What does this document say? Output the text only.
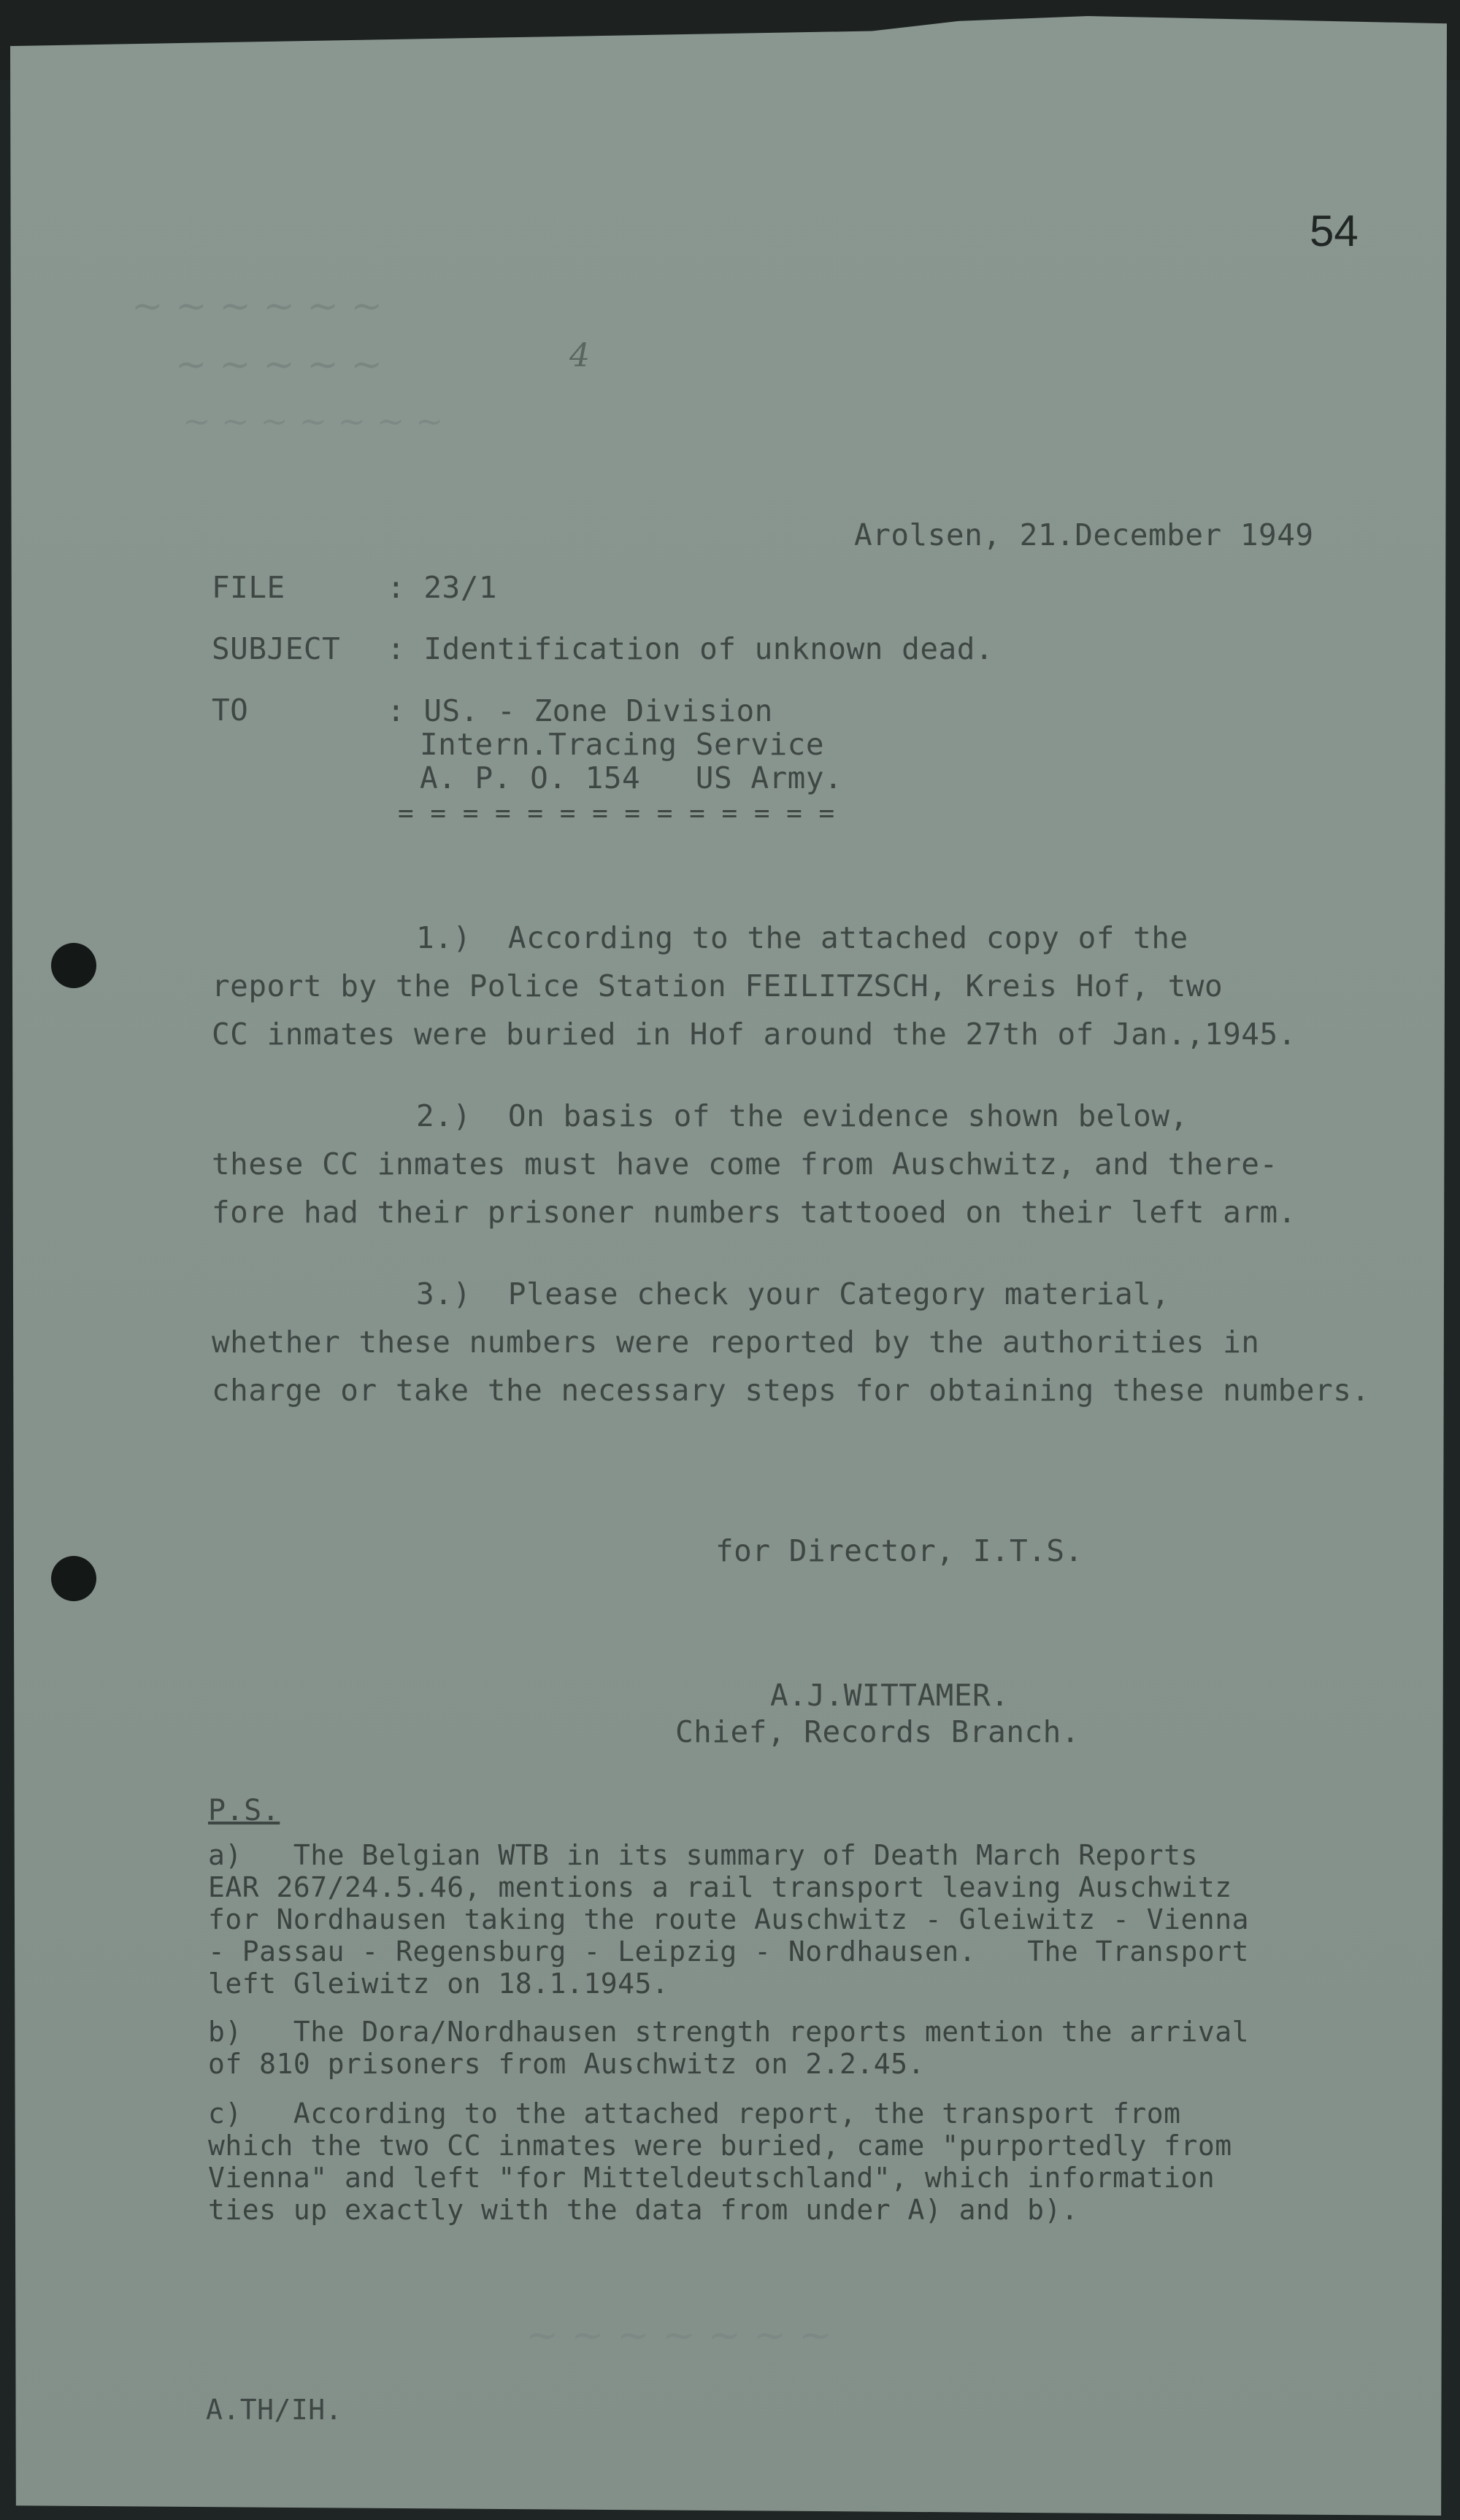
54
~ ~ ~ ~ ~ ~
~ ~ ~ ~ ~	4
~ ~ ~ ~ ~ ~ ~
Arolsen, 21.December 1949
FILE	: 23/1
SUBJECT : Identification of unknown dead.
TO	: US. - Zone Division
Intern.Tracing Service
A. P. O. 154   US Army.
= = = = = = = = = = = = = =
1.)  According to the attached copy of the
report by the Police Station FEILITZSCH, Kreis Hof, two
CC inmates were buried in Hof around the 27th of Jan.,1945.
2.)  On basis of the evidence shown below,
these CC inmates must have come from Auschwitz, and there-
fore had their prisoner numbers tattooed on their left arm.
3.)  Please check your Category material,
whether these numbers were reported by the authorities in
charge or take the necessary steps for obtaining these numbers.
for Director, I.T.S.
A.J.WITTAMER.
Chief, Records Branch.
P.S.
a)   The Belgian WTB in its summary of Death March Reports
EAR 267/24.5.46, mentions a rail transport leaving Auschwitz
for Nordhausen taking the route Auschwitz - Gleiwitz - Vienna
- Passau - Regensburg - Leipzig - Nordhausen.   The Transport
left Gleiwitz on 18.1.1945.
b)   The Dora/Nordhausen strength reports mention the arrival
of 810 prisoners from Auschwitz on 2.2.45.
c)   According to the attached report, the transport from
which the two CC inmates were buried, came "purportedly from
Vienna" and left "for Mitteldeutschland", which information
ties up exactly with the data from under A) and b).
~ ~ ~ ~ ~ ~ ~
A.TH/IH.
